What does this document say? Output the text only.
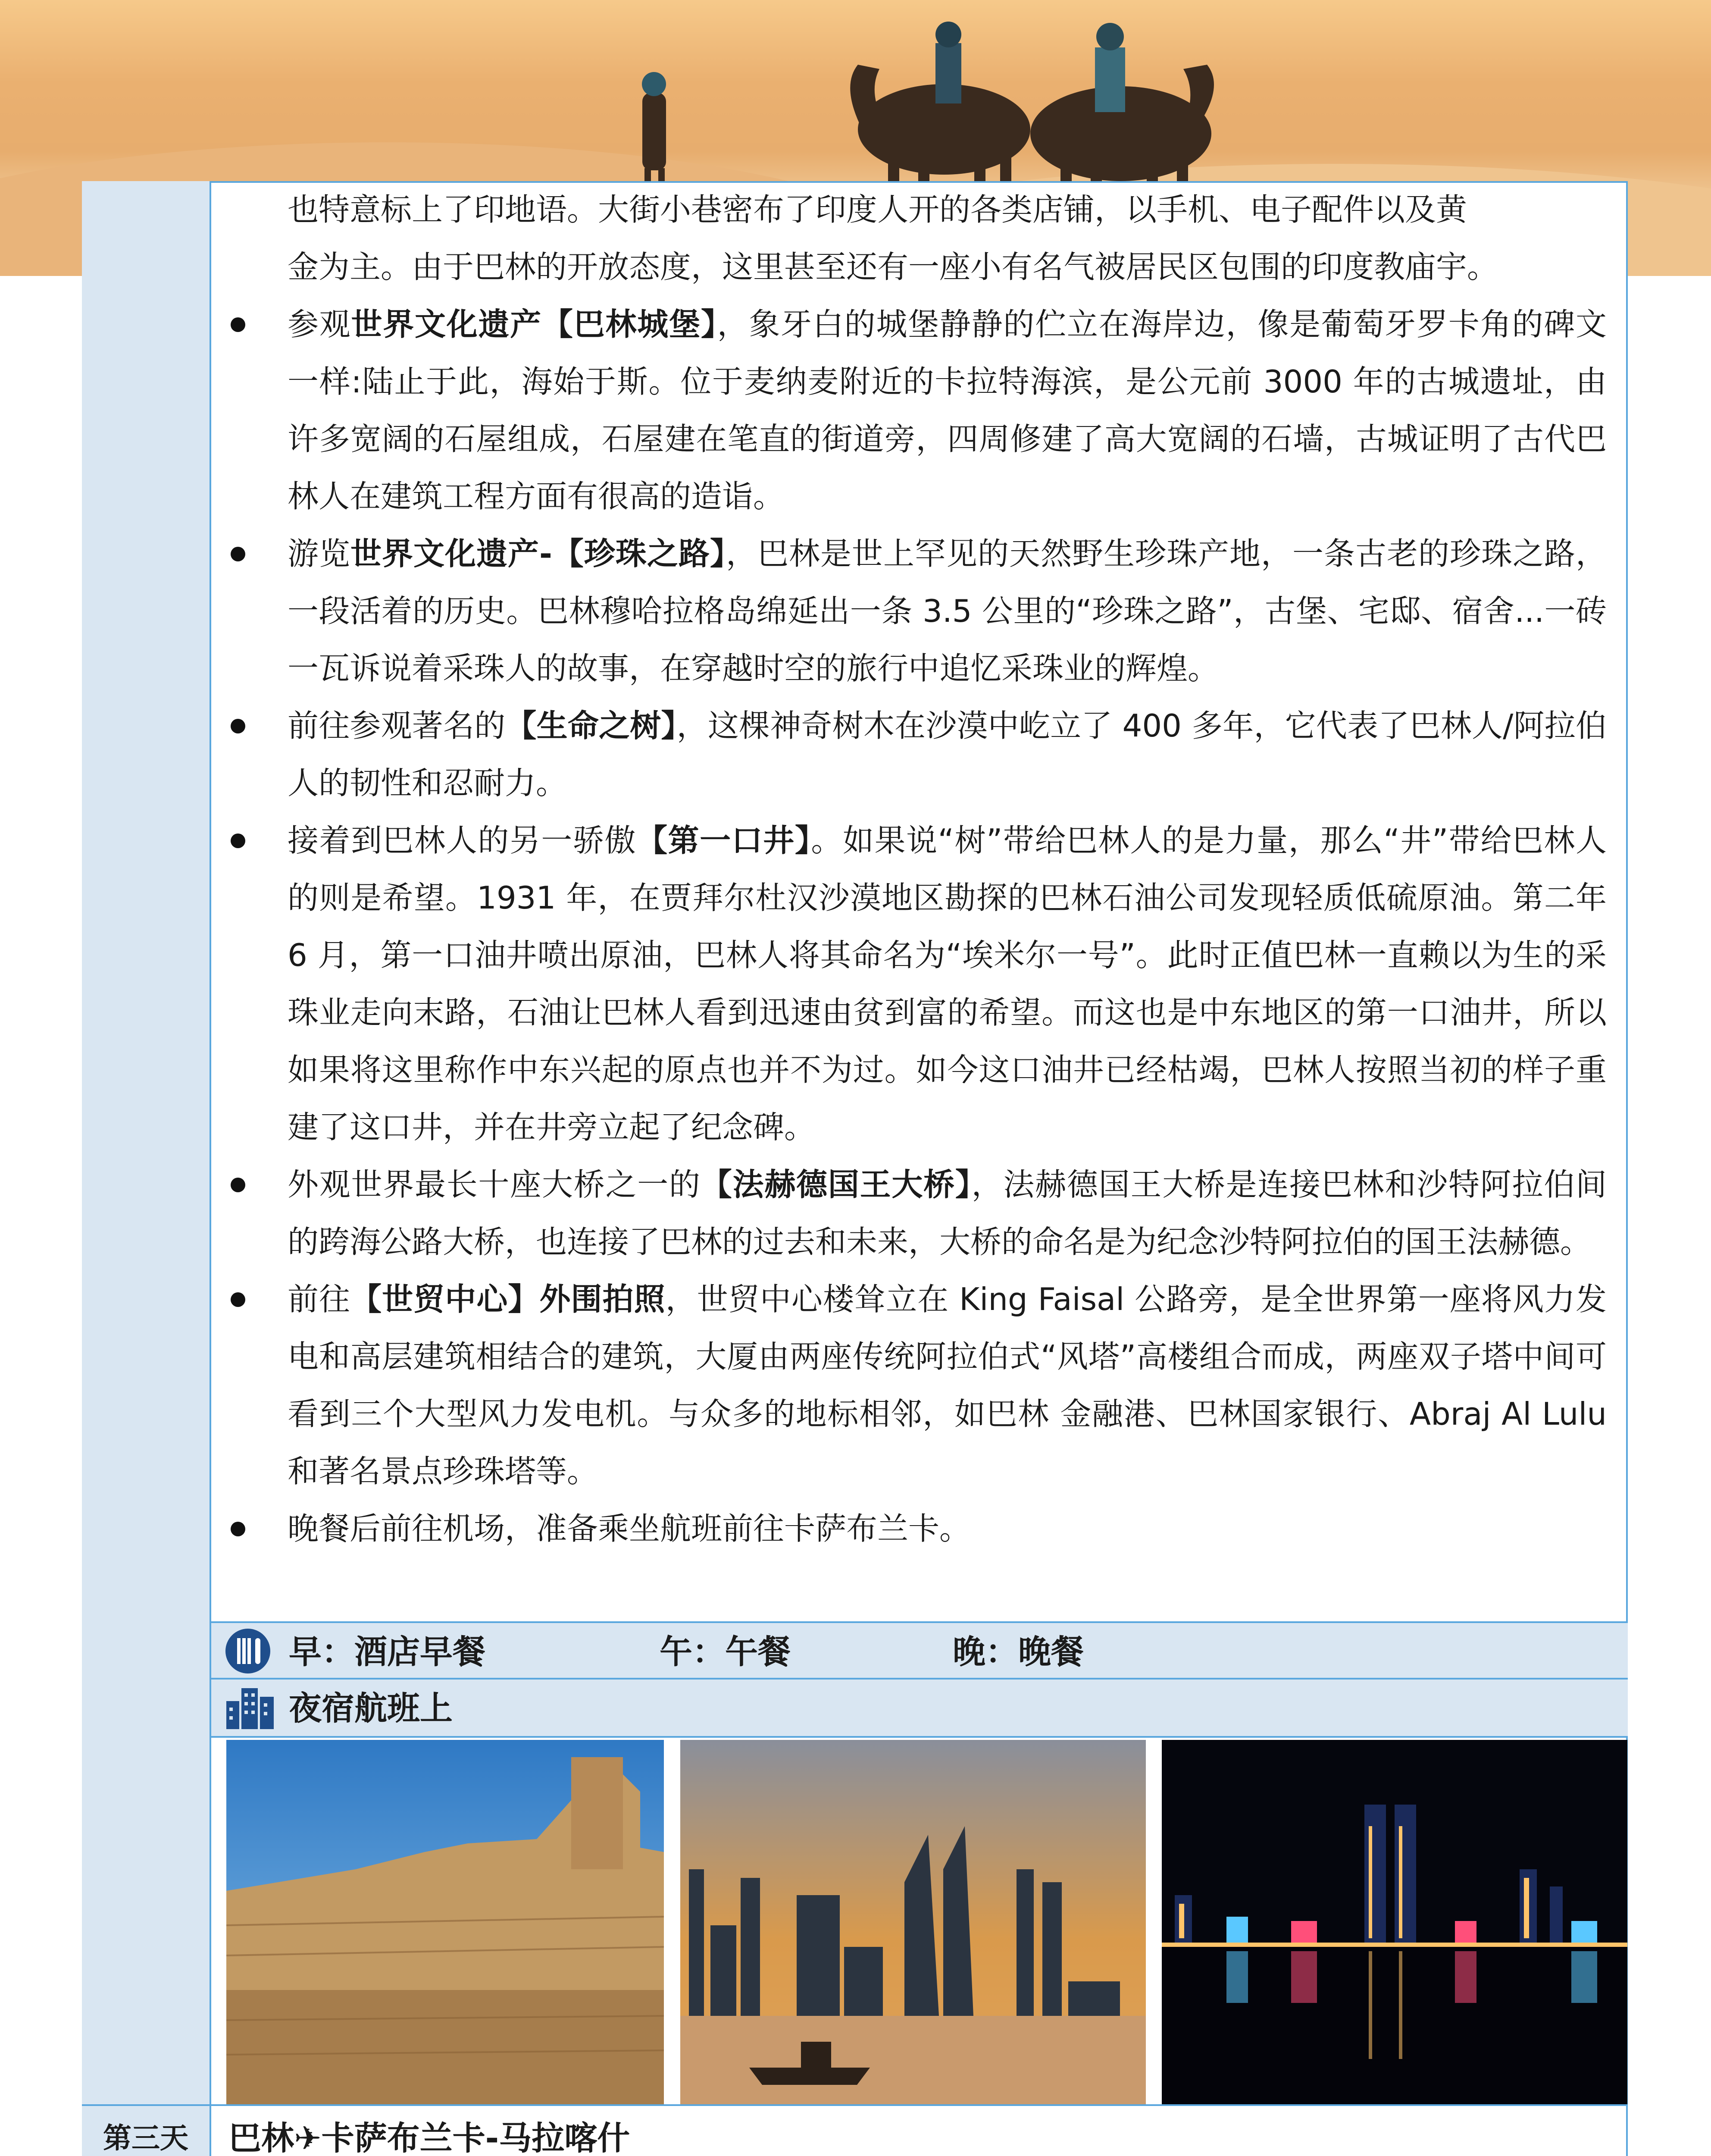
也特意标上了印地语。大街小巷密布了印度人开的各类店铺，以手机、电子配件以及黄
金为主。由于巴林的开放态度，这里甚至还有一座小有名气被居民区包围的印度教庙宇。
参观世界文化遗产【巴林城堡】，象牙白的城堡静静的伫立在海岸边，像是葡萄牙罗卡角的碑文一样:陆止于此，海始于斯。位于麦纳麦附近的卡拉特海滨，是公元前 3000 年的古城遗址，由许多宽阔的石屋组成，石屋建在笔直的街道旁，四周修建了高大宽阔的石墙，古城证明了古代巴林人在建筑工程方面有很高的造诣。
游览世界文化遗产-【珍珠之路】，巴林是世上罕见的天然野生珍珠产地，一条古老的珍珠之路，一段活着的历史。巴林穆哈拉格岛绵延出一条 3.5 公里的“珍珠之路”，古堡、宅邸、宿舍...一砖一瓦诉说着采珠人的故事，在穿越时空的旅行中追忆采珠业的辉煌。
前往参观著名的【生命之树】，这棵神奇树木在沙漠中屹立了 400 多年，它代表了巴林人/阿拉伯人的韧性和忍耐力。
接着到巴林人的另一骄傲【第一口井】。如果说“树”带给巴林人的是力量，那么“井”带给巴林人的则是希望。1931 年，在贾拜尔杜汉沙漠地区勘探的巴林石油公司发现轻质低硫原油。第二年 6 月，第一口油井喷出原油，巴林人将其命名为“埃米尔一号”。此时正值巴林一直赖以为生的采珠业走向末路，石油让巴林人看到迅速由贫到富的希望。而这也是中东地区的第一口油井，所以如果将这里称作中东兴起的原点也并不为过。如今这口油井已经枯竭，巴林人按照当初的样子重建了这口井，并在井旁立起了纪念碑。
外观世界最长十座大桥之一的【法赫德国王大桥】，法赫德国王大桥是连接巴林和沙特阿拉伯间的跨海公路大桥，也连接了巴林的过去和未来，大桥的命名是为纪念沙特阿拉伯的国王法赫德。
前往【世贸中心】外围拍照，世贸中心楼耸立在 King Faisal 公路旁，是全世界第一座将风力发电和高层建筑相结合的建筑，大厦由两座传统阿拉伯式“风塔”高楼组合而成，两座双子塔中间可看到三个大型风力发电机。与众多的地标相邻，如巴林 金融港、巴林国家银行、Abraj Al Lulu 和著名景点珍珠塔等。
晚餐后前往机场，准备乘坐航班前往卡萨布兰卡。
早：酒店早餐	午：午餐	晚：晚餐
夜宿航班上
第三天	巴林✈卡萨布兰卡-马拉喀什
